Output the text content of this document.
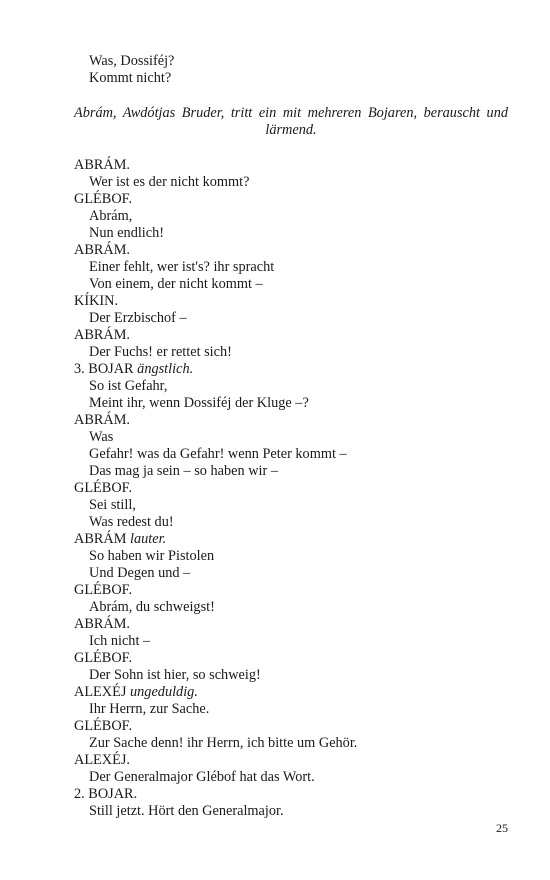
Was, Dossiféj?
Kommt nicht?
Abrám, Awdótjas Bruder, tritt ein mit mehreren Bojaren, berauscht und
lärmend.
ABRÁM.
Wer ist es der nicht kommt?
GLÉBOF.
Abrám,
Nun endlich!
ABRÁM.
Einer fehlt, wer ist's? ihr spracht
Von einem, der nicht kommt –
KÍKIN.
Der Erzbischof –
ABRÁM.
Der Fuchs! er rettet sich!
3. BOJAR ängstlich.
So ist Gefahr,
Meint ihr, wenn Dossiféj der Kluge –?
ABRÁM.
Was
Gefahr! was da Gefahr! wenn Peter kommt –
Das mag ja sein – so haben wir –
GLÉBOF.
Sei still,
Was redest du!
ABRÁM lauter.
So haben wir Pistolen
Und Degen und –
GLÉBOF.
Abrám, du schweigst!
ABRÁM.
Ich nicht –
GLÉBOF.
Der Sohn ist hier, so schweig!
ALEXÉJ ungeduldig.
Ihr Herrn, zur Sache.
GLÉBOF.
Zur Sache denn! ihr Herrn, ich bitte um Gehör.
ALEXÉJ.
Der Generalmajor Glébof hat das Wort.
2. BOJAR.
Still jetzt. Hört den Generalmajor.
25
